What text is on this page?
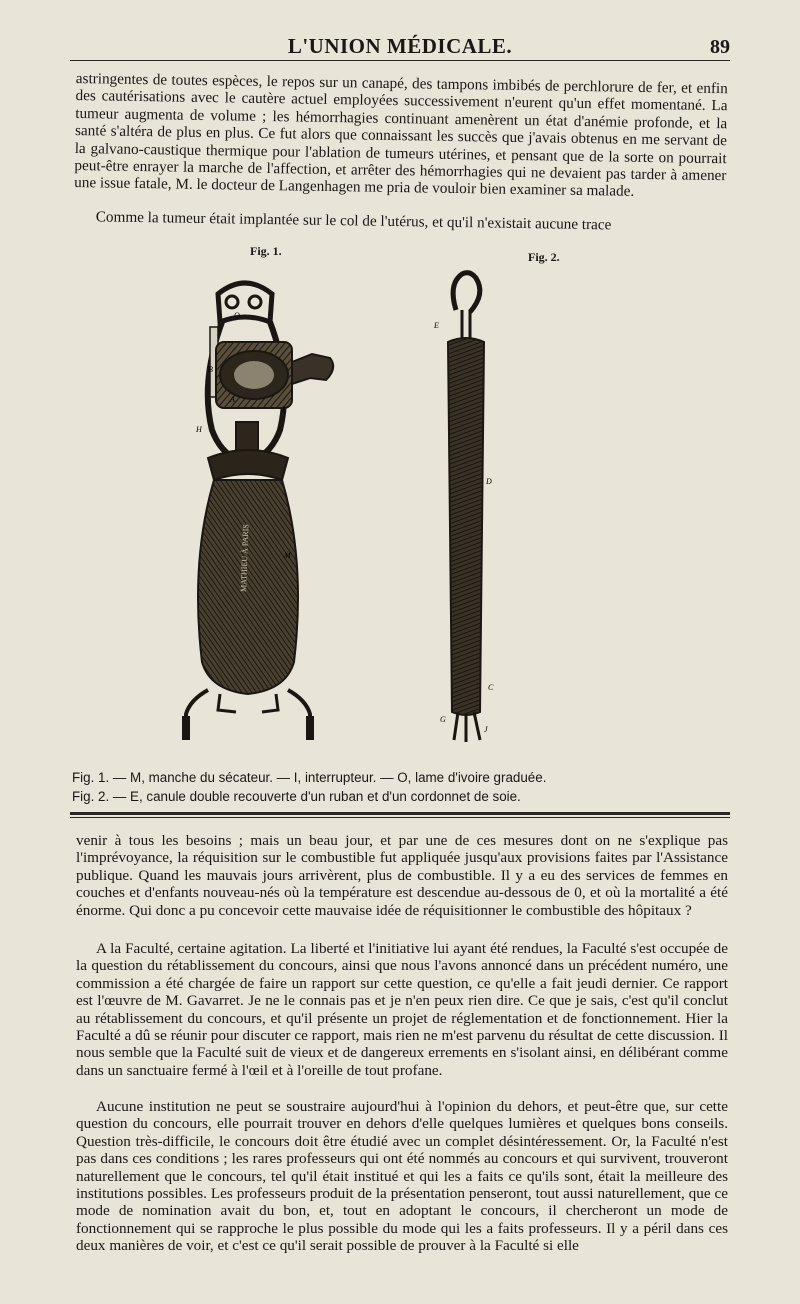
L'UNION MÉDICALE.	89

astringentes de toutes espèces, le repos sur un canapé, des tampons imbibés de perchlorure de fer, et enfin des cautérisations avec le cautère actuel employées successivement n'eurent qu'un effet momentané. La tumeur augmenta de volume ; les hémorrhagies continuant amenèrent un état d'anémie profonde, et la santé s'altéra de plus en plus. Ce fut alors que connaissant les succès que j'avais obtenus en me servant de la galvano-caustique thermique pour l'ablation de tumeurs utérines, et pensant que de la sorte on pourrait peut-être enrayer la marche de l'affection, et arrêter des hémorrhagies qui ne devaient pas tarder à amener une issue fatale, M. le docteur de Langenhagen me pria de vouloir bien examiner sa malade.

Comme la tumeur était implantée sur le col de l'utérus, et qu'il n'existait aucune trace

Fig. 1.	Fig. 2.
MATHIEU À PARIS
O
B
A
I
H
M
E
D
C
G
J
Fig. 1. — M, manche du sécateur. — I, interrupteur. — O, lame d'ivoire graduée.
Fig. 2. — E, canule double recouverte d'un ruban et d'un cordonnet de soie.

venir à tous les besoins ; mais un beau jour, et par une de ces mesures dont on ne s'explique pas l'imprévoyance, la réquisition sur le combustible fut appliquée jusqu'aux provisions faites par l'Assistance publique. Quand les mauvais jours arrivèrent, plus de combustible. Il y a eu des services de femmes en couches et d'enfants nouveau-nés où la température est descendue au-dessous de 0, et où la mortalité a été énorme. Qui donc a pu concevoir cette mauvaise idée de réquisitionner le combustible des hôpitaux ?

A la Faculté, certaine agitation. La liberté et l'initiative lui ayant été rendues, la Faculté s'est occupée de la question du rétablissement du concours, ainsi que nous l'avons annoncé dans un précédent numéro, une commission a été chargée de faire un rapport sur cette question, ce qu'elle a fait jeudi dernier. Ce rapport est l'œuvre de M. Gavarret. Je ne le connais pas et je n'en peux rien dire. Ce que je sais, c'est qu'il conclut au rétablissement du concours, et qu'il présente un projet de réglementation et de fonctionnement. Hier la Faculté a dû se réunir pour discuter ce rapport, mais rien ne m'est parvenu du résultat de cette discussion. Il nous semble que la Faculté suit de vieux et de dangereux errements en s'isolant ainsi, en délibérant comme dans un sanctuaire fermé à l'œil et à l'oreille de tout profane.

Aucune institution ne peut se soustraire aujourd'hui à l'opinion du dehors, et peut-être que, sur cette question du concours, elle pourrait trouver en dehors d'elle quelques lumières et quelques bons conseils. Question très-difficile, le concours doit être étudié avec un complet désintéressement. Or, la Faculté n'est pas dans ces conditions ; les rares professeurs qui ont été nommés au concours et qui survivent, trouveront naturellement que le concours, tel qu'il était institué et qui les a faits ce qu'ils sont, était la meilleure des institutions possibles. Les professeurs produit de la présentation penseront, tout aussi naturellement, que ce mode de nomination avait du bon, et, tout en adoptant le concours, il chercheront un mode de fonctionnement qui se rapproche le plus possible du mode qui les a faits professeurs. Il y a péril dans ces deux manières de voir, et c'est ce qu'il serait possible de prouver à la Faculté si elle
